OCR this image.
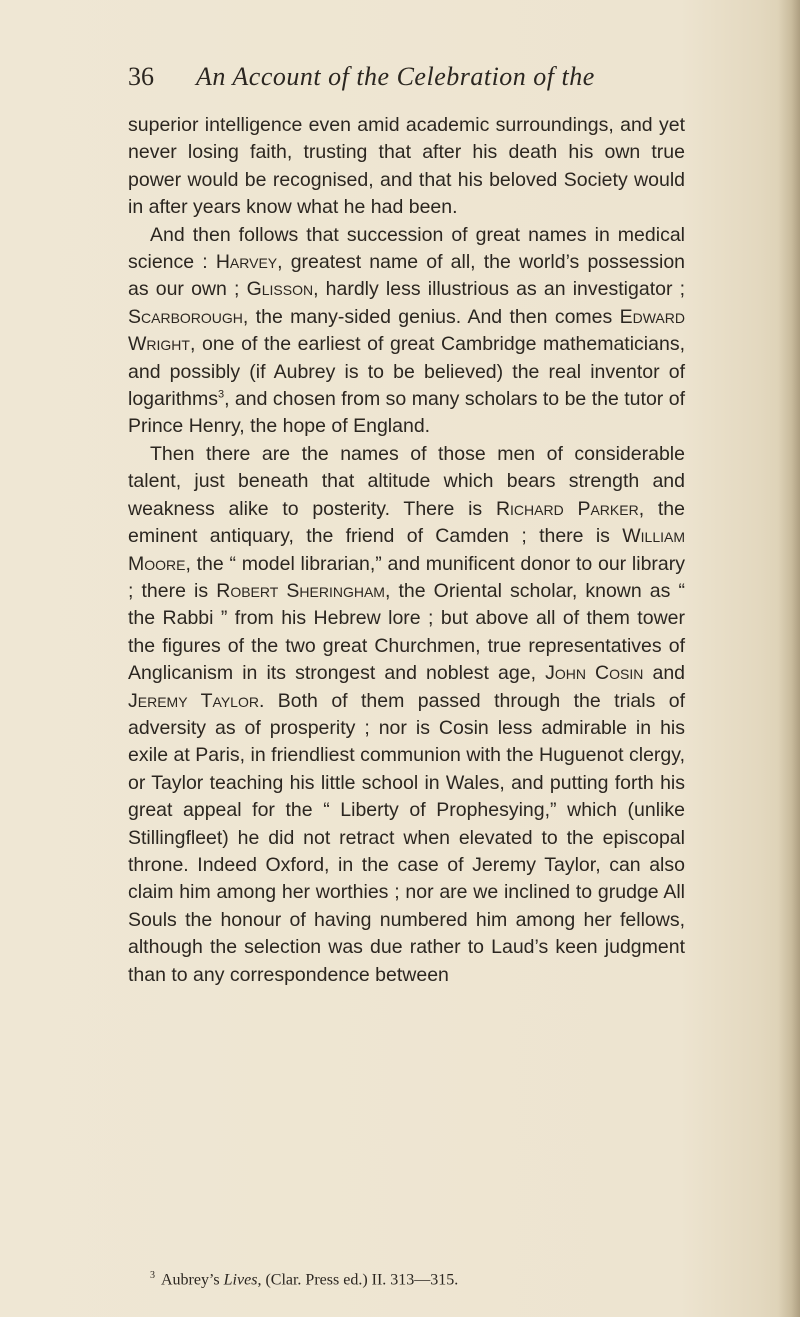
36 An Account of the Celebration of the

superior intelligence even amid academic surroundings, and yet never losing faith, trusting that after his death his own true power would be recognised, and that his beloved Society would in after years know what he had been.

And then follows that succession of great names in medical science : Harvey, greatest name of all, the world’s possession as our own ; Glisson, hardly less illustrious as an investigator ; Scarborough, the many-sided genius. And then comes Edward Wright, one of the earliest of great Cambridge mathematicians, and possibly (if Aubrey is to be believed) the real inventor of logarithms$^3$, and chosen from so many scholars to be the tutor of Prince Henry, the hope of England.

Then there are the names of those men of considerable talent, just beneath that altitude which bears strength and weakness alike to posterity. There is Richard Parker, the eminent antiquary, the friend of Camden ; there is William Moore, the “ model librarian,” and munificent donor to our library ; there is Robert Sheringham, the Oriental scholar, known as “ the Rabbi ” from his Hebrew lore ; but above all of them tower the figures of the two great Churchmen, true representatives of Anglicanism in its strongest and noblest age, John Cosin and Jeremy Taylor. Both of them passed through the trials of adversity as of prosperity ; nor is Cosin less admirable in his exile at Paris, in friendliest communion with the Huguenot clergy, or Taylor teaching his little school in Wales, and putting forth his great appeal for the “ Liberty of Prophesying,” which (unlike Stillingfleet) he did not retract when elevated to the episcopal throne. Indeed Oxford, in the case of Jeremy Taylor, can also claim him among her worthies ; nor are we inclined to grudge All Souls the honour of having numbered him among her fellows, although the selection was due rather to Laud’s keen judgment than to any correspondence between

$^3$ Aubrey’s Lives, (Clar. Press ed.) II. 313—315.
